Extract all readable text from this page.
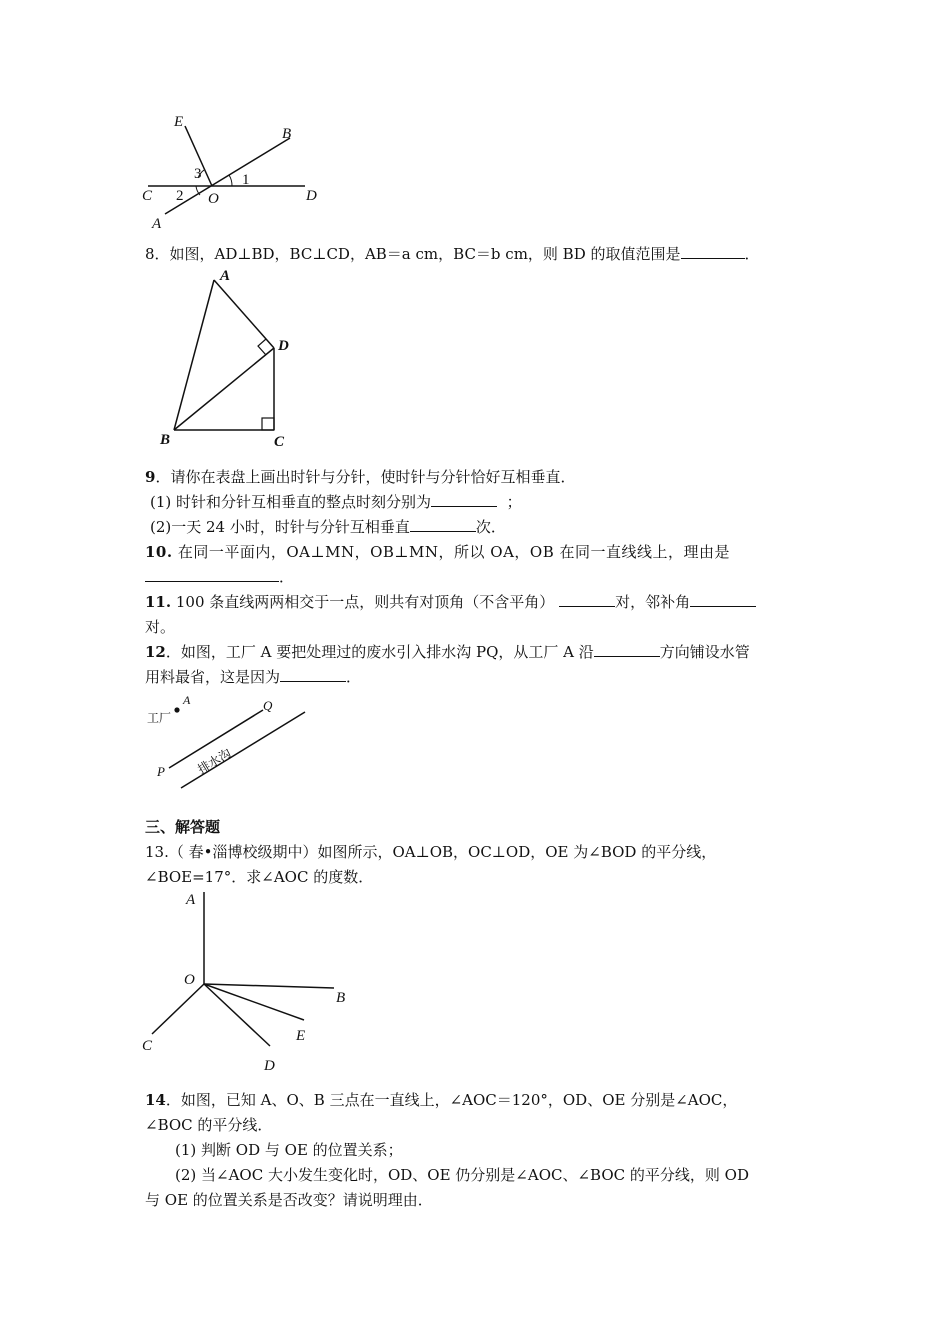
E
B
C	D
A
O
1
2
3
8．如图，AD⊥BD，BC⊥CD，AB＝a cm，BC＝b cm，则 BD 的取值范围是	．
A
D
B	C
9．请你在表盘上画出时针与分针，使时针与分针恰好互相垂直．
(1) 时针和分针互相垂直的整点时刻分别为	；
(2)一天 24 小时，时针与分针互相垂直	次．
10. 在同一平面内，OA⊥MN，OB⊥MN，所以 OA，OB 在同一直线线上，理由是
．
11. 100 条直线两两相交于一点，则共有对顶角（不含平角）	对，邻补角
对。
12．如图，工厂 A 要把处理过的废水引入排水沟 PQ，从工厂 A 沿	方向铺设水管
用料最省，这是因为	．
工厂
A	Q
P	排水沟
三、解答题
13.（ 春•淄博校级期中）如图所示，OA⊥OB，OC⊥OD，OE 为∠BOD 的平分线，
∠BOE=17°．求∠AOC 的度数．
A
O
B
E
C
D
14．如图，已知 A、O、B 三点在一直线上，∠AOC＝120°，OD、OE 分别是∠AOC，
∠BOC 的平分线．
(1) 判断 OD 与 OE 的位置关系；
(2) 当∠AOC 大小发生变化时，OD、OE 仍分别是∠AOC、∠BOC 的平分线，则 OD
与 OE 的位置关系是否改变？请说明理由．
